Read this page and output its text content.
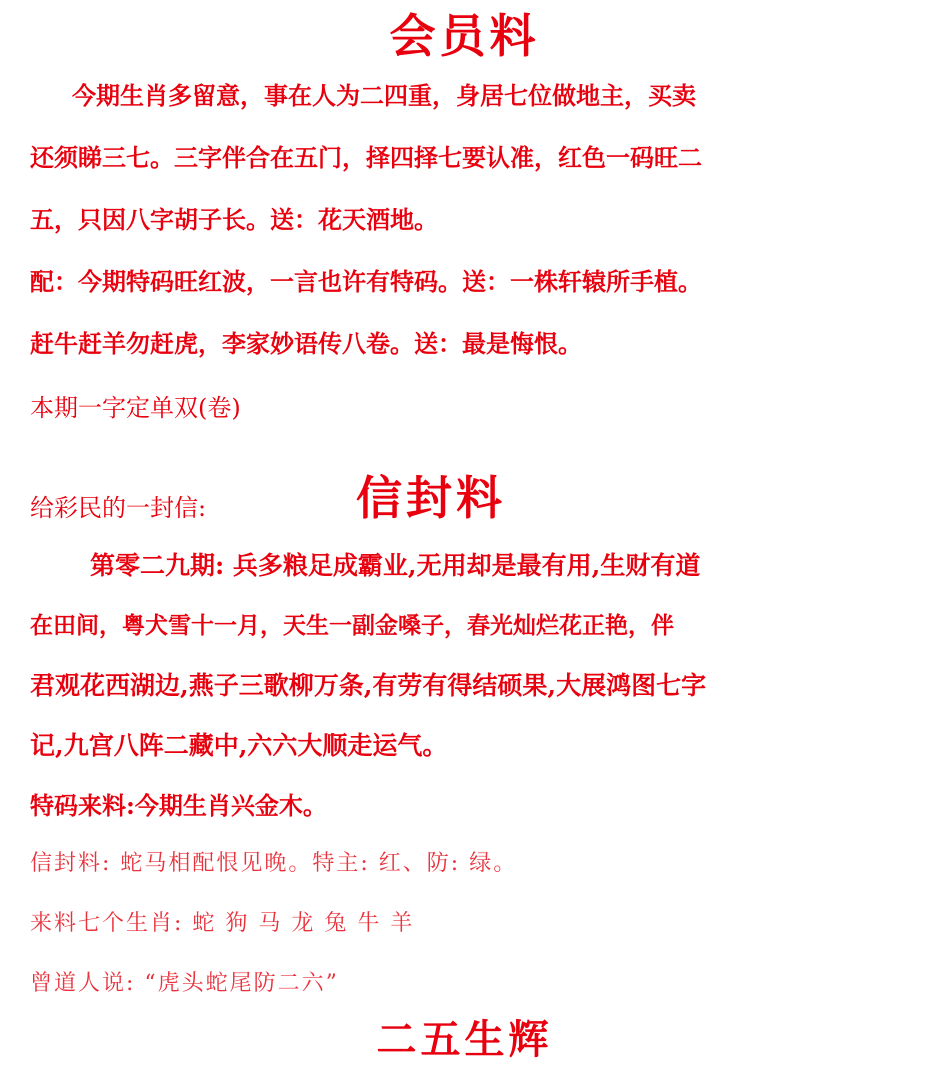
会员料
今期生肖多留意，事在人为二四重，身居七位做地主，买卖
还须睇三七。三字伴合在五门，择四择七要认准，红色一码旺二
五，只因八字胡子长。送：花天酒地。
配：今期特码旺红波，一言也许有特码。送：一株轩辕所手植。
赶牛赶羊勿赶虎，李家妙语传八卷。送：最是悔恨。
本期一字定单双(卷)
给彩民的一封信:	信封料
第零二九期: 兵多粮足成霸业,无用却是最有用,生财有道
在田间，粤犬雪十一月，天生一副金嗓子，春光灿烂花正艳，伴
君观花西湖边,燕子三歌柳万条,有劳有得结硕果,大展鸿图七字
记,九宫八阵二藏中,六六大顺走运气。
特码来料:今期生肖兴金木。
信封料: 蛇马相配恨见晚。特主: 红、防: 绿。
来料七个生肖: 蛇 狗 马 龙 兔 牛 羊
曾道人说: “虎头蛇尾防二六”
二五生辉
